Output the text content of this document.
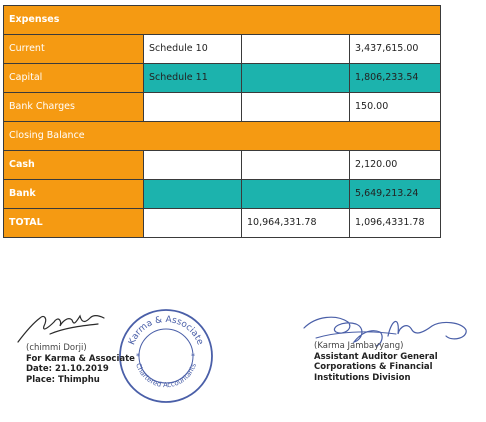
Expenses			
Current	Schedule 10		3,437,615.00
Capital	Schedule 11		1,806,233.54
Bank Charges			150.00
Closing Balance			
Cash			2,120.00
Bank			5,649,213.24
TOTAL		10,964,331.78	1,096,4331.78
Karma & Associate
Chartered Accountants
*	*
(chimmi Dorji)
For Karma & Associate
Date: 21.10.2019
Place: Thimphu
(Karma Jambayyang)
Assistant Auditor General
Corporations & Financial
Institutions Division
